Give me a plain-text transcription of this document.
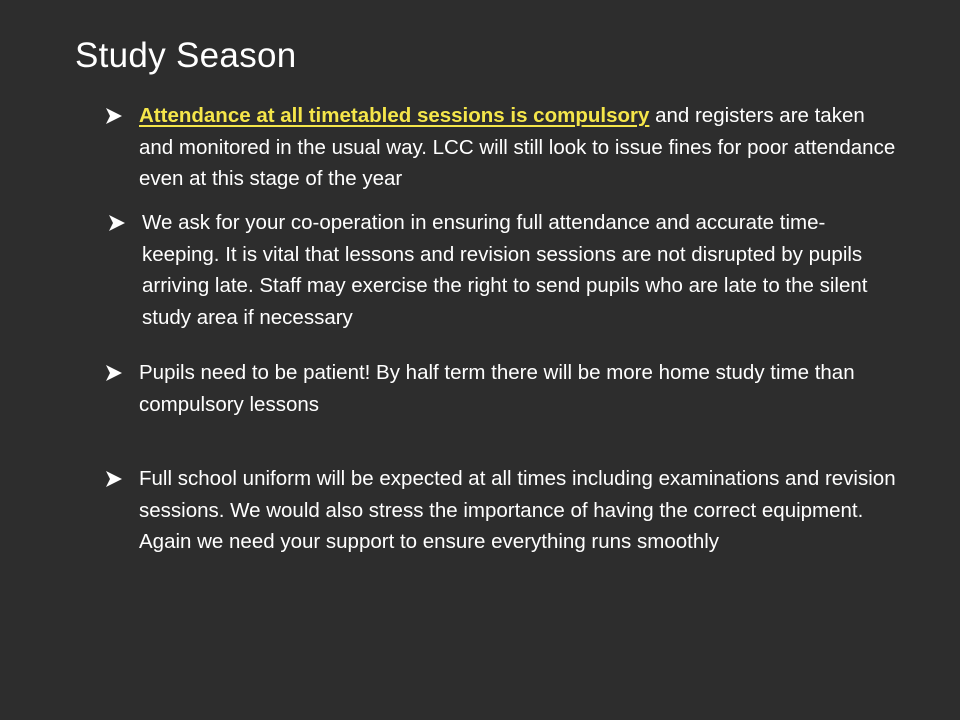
Study Season
Attendance at all timetabled sessions is compulsory and registers are taken and monitored in the usual way. LCC will still look to issue fines for poor attendance even at this stage of the year
We ask for your co-operation in ensuring full attendance and accurate time-keeping. It is vital that lessons and revision sessions are not disrupted by pupils arriving late. Staff may exercise the right to send pupils who are late to the silent study area if necessary
Pupils need to be patient! By half term there will be more home study time than compulsory lessons
Full school uniform will be expected at all times including examinations and revision sessions. We would also stress the importance of having the correct equipment. Again we need your support to ensure everything runs smoothly
